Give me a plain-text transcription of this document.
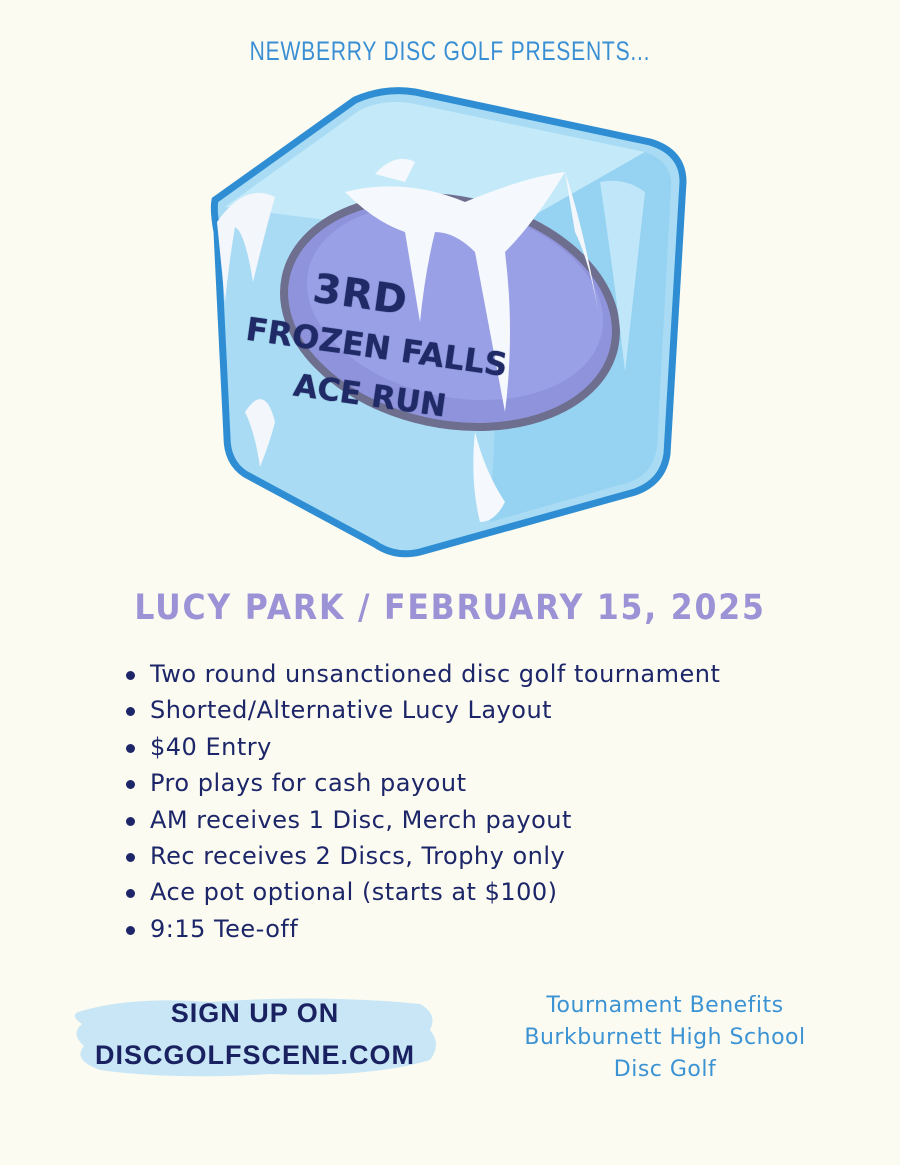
NEWBERRY DISC GOLF PRESENTS...
3RD
FROZEN FALLS
ACE RUN
LUCY PARK / FEBRUARY 15, 2025
Two round unsanctioned disc golf tournament
Shorted/Alternative Lucy Layout
$40 Entry
Pro plays for cash payout
AM receives 1 Disc, Merch payout
Rec receives 2 Discs, Trophy only
Ace pot optional (starts at $100)
9:15 Tee-off
SIGN UP ON
DISCGOLFSCENE.COM
Tournament Benefits
Burkburnett High School
Disc Golf
